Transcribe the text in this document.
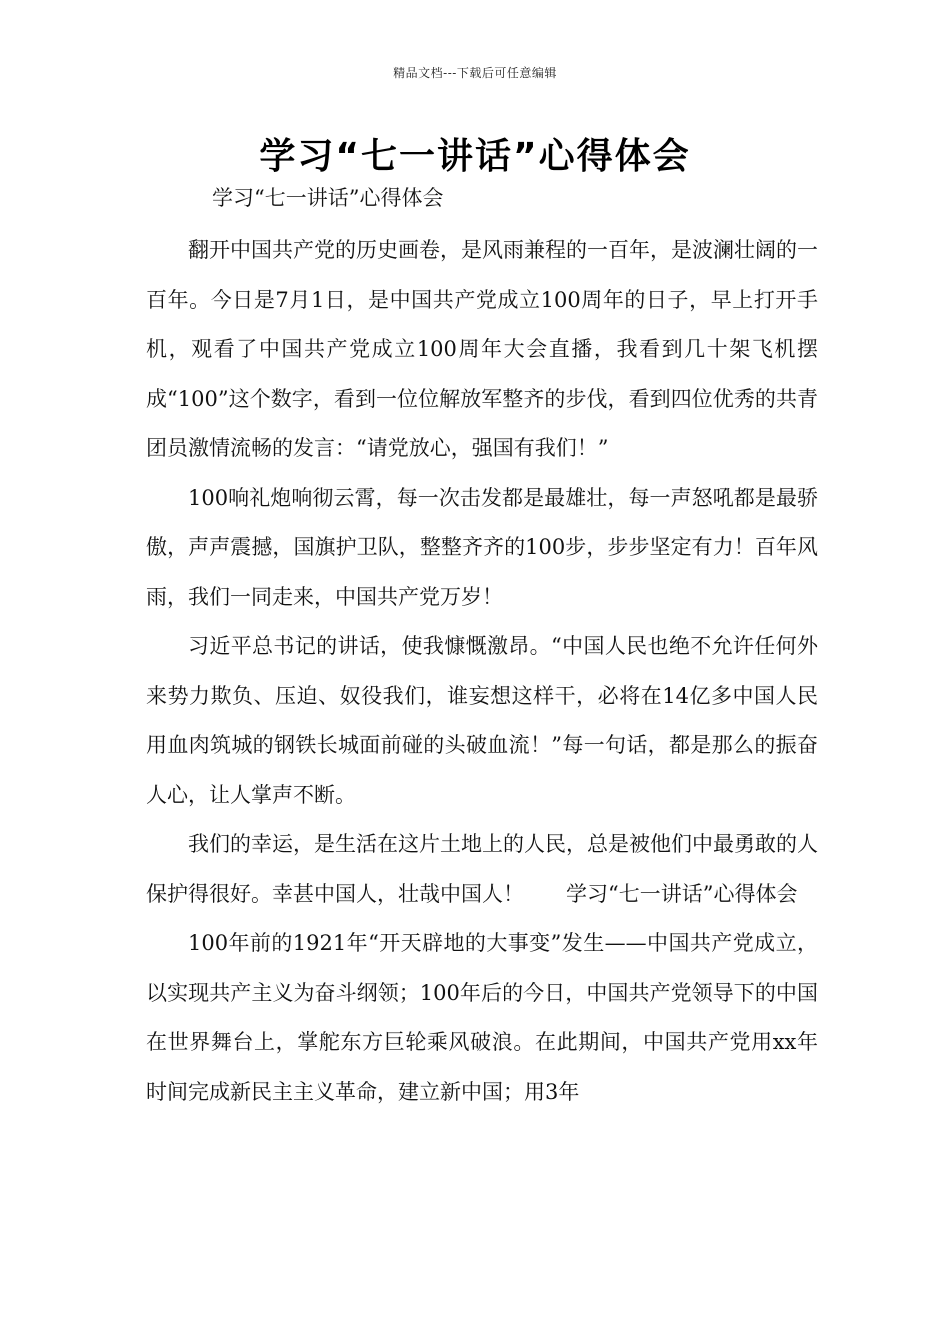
精品文档---下载后可任意编辑
学习“七一讲话”心得体会
学习“七一讲话”心得体会

翻开中国共产党的历史画卷，是风雨兼程的一百年，是波澜壮阔的一百年。今日是7月1日，是中国共产党成立100周年的日子，早上打开手机，观看了中国共产党成立100周年大会直播，我看到几十架飞机摆成“100”这个数字，看到一位位解放军整齐的步伐，看到四位优秀的共青团员激情流畅的发言：“请党放心，强国有我们！”

100响礼炮响彻云霄，每一次击发都是最雄壮，每一声怒吼都是最骄傲，声声震撼，国旗护卫队，整整齐齐的100步，步步坚定有力！百年风雨，我们一同走来，中国共产党万岁！

习近平总书记的讲话，使我慷慨激昂。“中国人民也绝不允许任何外来势力欺负、压迫、奴役我们，谁妄想这样干，必将在14亿多中国人民用血肉筑城的钢铁长城面前碰的头破血流！”每一句话，都是那么的振奋人心，让人掌声不断。

我们的幸运，是生活在这片土地上的人民，总是被他们中最勇敢的人保护得很好。幸甚中国人，壮哉中国人！　　学习“七一讲话”心得体会

100年前的1921年“开天辟地的大事变”发生——中国共产党成立，以实现共产主义为奋斗纲领；100年后的今日，中国共产党领导下的中国在世界舞台上，掌舵东方巨轮乘风破浪。在此期间，中国共产党用xx年时间完成新民主主义革命，建立新中国；用3年
